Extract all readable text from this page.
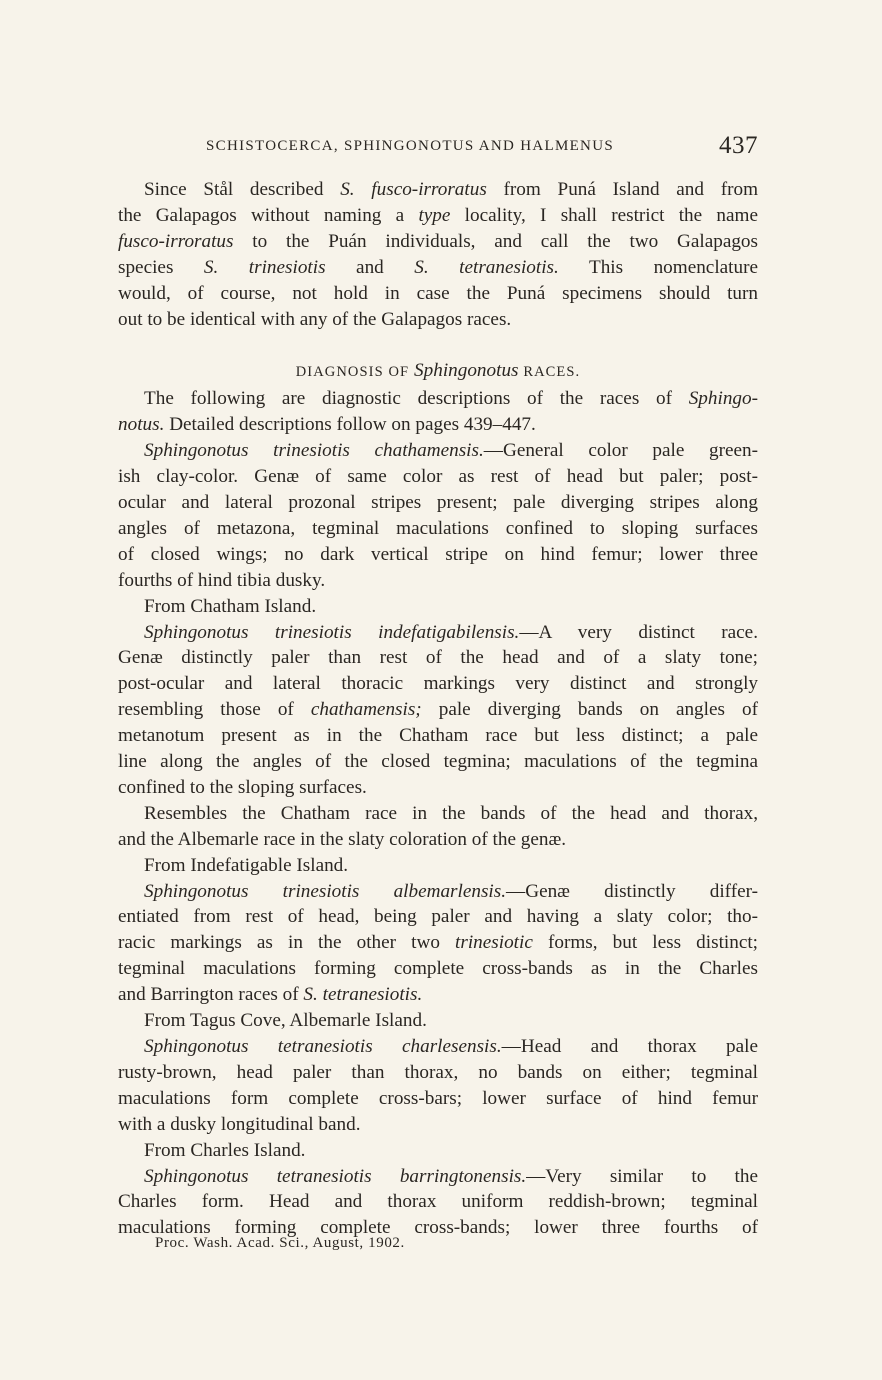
SCHISTOCERCA, SPHINGONOTUS AND HALMENUS	437
Since Stål described S. fusco-irroratus from Puná Island and from
the Galapagos without naming a type locality, I shall restrict the name
fusco-irroratus to the Puán individuals, and call the two Galapagos
species S. trinesiotis and S. tetranesiotis. This nomenclature
would, of course, not hold in case the Puná specimens should turn
out to be identical with any of the Galapagos races.
DIAGNOSIS OF Sphingonotus RACES.
The following are diagnostic descriptions of the races of Sphingo-
notus. Detailed descriptions follow on pages 439–447.
Sphingonotus trinesiotis chathamensis.—General color pale green-
ish clay-color. Genæ of same color as rest of head but paler; post-
ocular and lateral prozonal stripes present; pale diverging stripes along
angles of metazona, tegminal maculations confined to sloping surfaces
of closed wings; no dark vertical stripe on hind femur; lower three
fourths of hind tibia dusky.
From Chatham Island.
Sphingonotus trinesiotis indefatigabilensis.—A very distinct race.
Genæ distinctly paler than rest of the head and of a slaty tone;
post-ocular and lateral thoracic markings very distinct and strongly
resembling those of chathamensis; pale diverging bands on angles of
metanotum present as in the Chatham race but less distinct; a pale
line along the angles of the closed tegmina; maculations of the tegmina
confined to the sloping surfaces.
Resembles the Chatham race in the bands of the head and thorax,
and the Albemarle race in the slaty coloration of the genæ.
From Indefatigable Island.
Sphingonotus trinesiotis albemarlensis.—Genæ distinctly differ-
entiated from rest of head, being paler and having a slaty color; tho-
racic markings as in the other two trinesiotic forms, but less distinct;
tegminal maculations forming complete cross-bands as in the Charles
and Barrington races of S. tetranesiotis.
From Tagus Cove, Albemarle Island.
Sphingonotus tetranesiotis charlesensis.—Head and thorax pale
rusty-brown, head paler than thorax, no bands on either; tegminal
maculations form complete cross-bars; lower surface of hind femur
with a dusky longitudinal band.
From Charles Island.
Sphingonotus tetranesiotis barringtonensis.—Very similar to the
Charles form. Head and thorax uniform reddish-brown; tegminal
maculations forming complete cross-bands; lower three fourths of
Proc. Wash. Acad. Sci., August, 1902.
